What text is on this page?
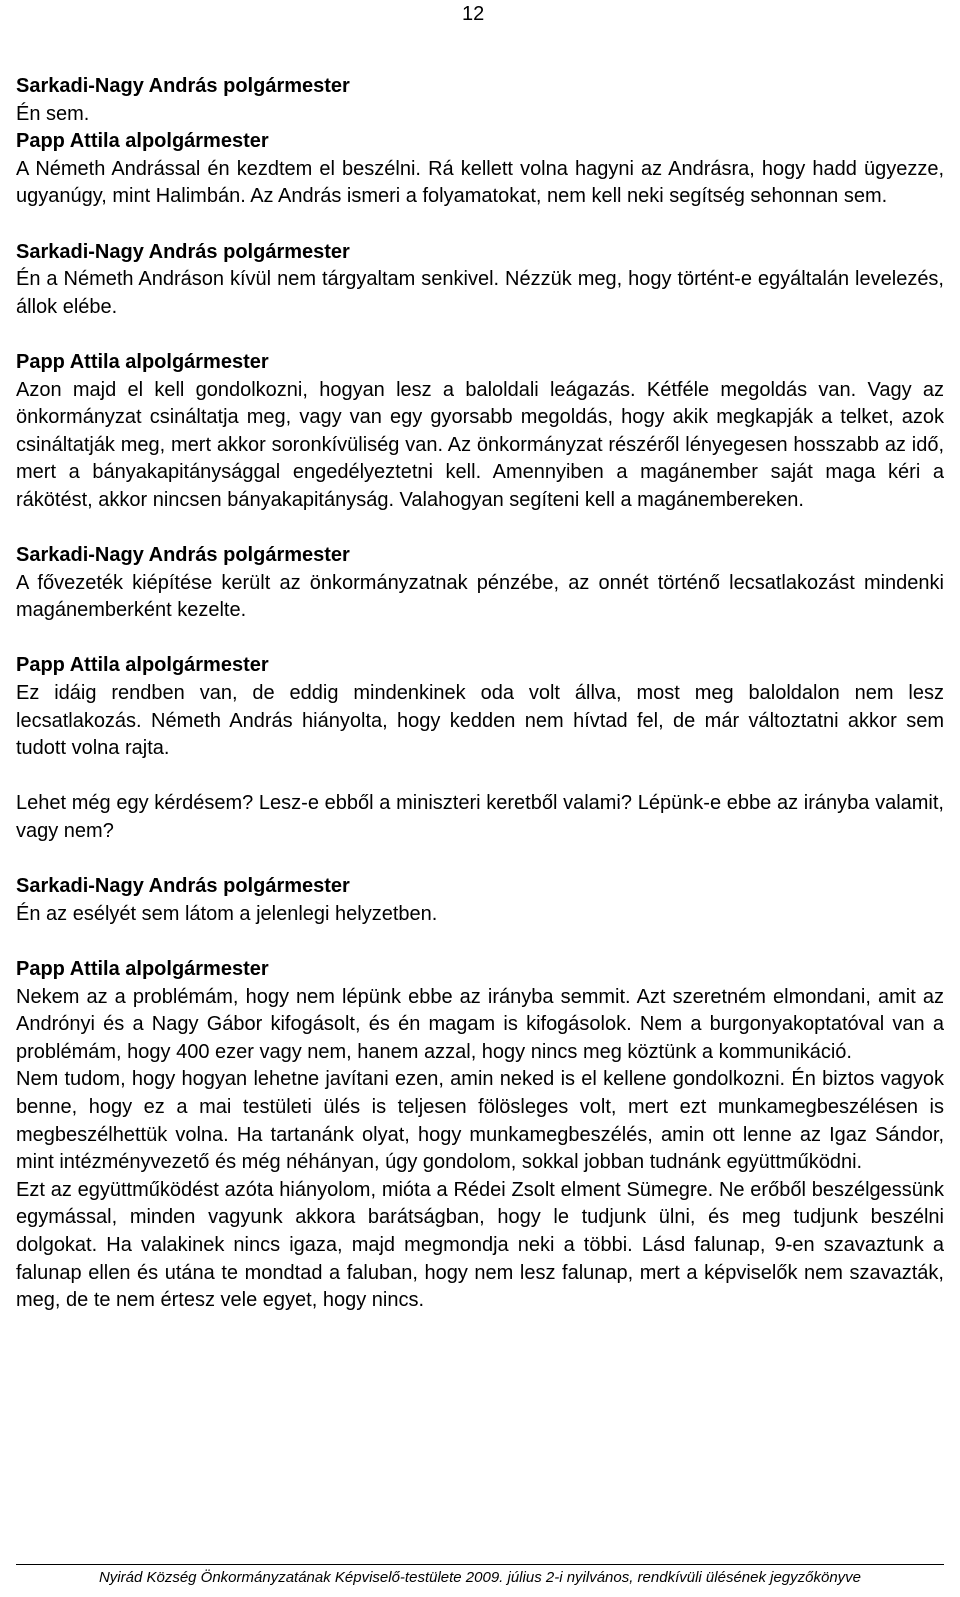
12

Sarkadi-Nagy András polgármester

Én sem.

Papp Attila alpolgármester

A Németh Andrással én kezdtem el beszélni. Rá kellett volna hagyni az Andrásra, hogy hadd ügyezze, ugyanúgy, mint Halimbán. Az András ismeri a folyamatokat, nem kell neki segítség sehonnan sem.

Sarkadi-Nagy András polgármester

Én a Németh Andráson kívül nem tárgyaltam senkivel. Nézzük meg, hogy történt-e egyáltalán levelezés, állok elébe.

Papp Attila alpolgármester

Azon majd el kell gondolkozni, hogyan lesz a baloldali leágazás. Kétféle megoldás van. Vagy az önkormányzat csináltatja meg, vagy van egy gyorsabb megoldás, hogy akik megkapják a telket, azok csináltatják meg, mert akkor soronkívüliség van. Az önkormányzat részéről lényegesen hosszabb az idő, mert a bányakapitánysággal engedélyeztetni kell. Amennyiben a magánember saját maga kéri a rákötést, akkor nincsen bányakapitányság. Valahogyan segíteni kell a magánembereken.

Sarkadi-Nagy András polgármester

A fővezeték kiépítése került az önkormányzatnak pénzébe, az onnét történő lecsatlakozást mindenki magánemberként kezelte.

Papp Attila alpolgármester

Ez idáig rendben van, de eddig mindenkinek oda volt állva, most meg baloldalon nem lesz lecsatlakozás. Németh András hiányolta, hogy kedden nem hívtad fel, de már változtatni akkor sem tudott volna rajta.

Lehet még egy kérdésem? Lesz-e ebből a miniszteri keretből valami? Lépünk-e ebbe az irányba valamit, vagy nem?

Sarkadi-Nagy András polgármester

Én az esélyét sem látom a jelenlegi helyzetben.

Papp Attila alpolgármester

Nekem az a problémám, hogy nem lépünk ebbe az irányba semmit. Azt szeretném elmondani, amit az Andrónyi és a Nagy Gábor kifogásolt, és én magam is kifogásolok. Nem a burgonyakoptatóval van a problémám, hogy 400 ezer vagy nem, hanem azzal, hogy nincs meg köztünk a kommunikáció.

Nem tudom, hogy hogyan lehetne javítani ezen, amin neked is el kellene gondolkozni. Én biztos vagyok benne, hogy ez a mai testületi ülés is teljesen fölösleges volt, mert ezt munkamegbeszélésen is megbeszélhettük volna. Ha tartanánk olyat, hogy munkamegbeszélés, amin ott lenne az Igaz Sándor, mint intézményvezető és még néhányan, úgy gondolom, sokkal jobban tudnánk együttműködni.

Ezt az együttműködést azóta hiányolom, mióta a Rédei Zsolt elment Sümegre. Ne erőből beszélgessünk egymással, minden vagyunk akkora barátságban, hogy le tudjunk ülni, és meg tudjunk beszélni dolgokat. Ha valakinek nincs igaza, majd megmondja neki a többi. Lásd falunap, 9-en szavaztunk a falunap ellen és utána te mondtad a faluban, hogy nem lesz falunap, mert a képviselők nem szavazták, meg, de te nem értesz vele egyet, hogy nincs.

Nyirád Község Önkormányzatának Képviselő-testülete 2009. július 2-i nyilvános, rendkívüli ülésének jegyzőkönyve
